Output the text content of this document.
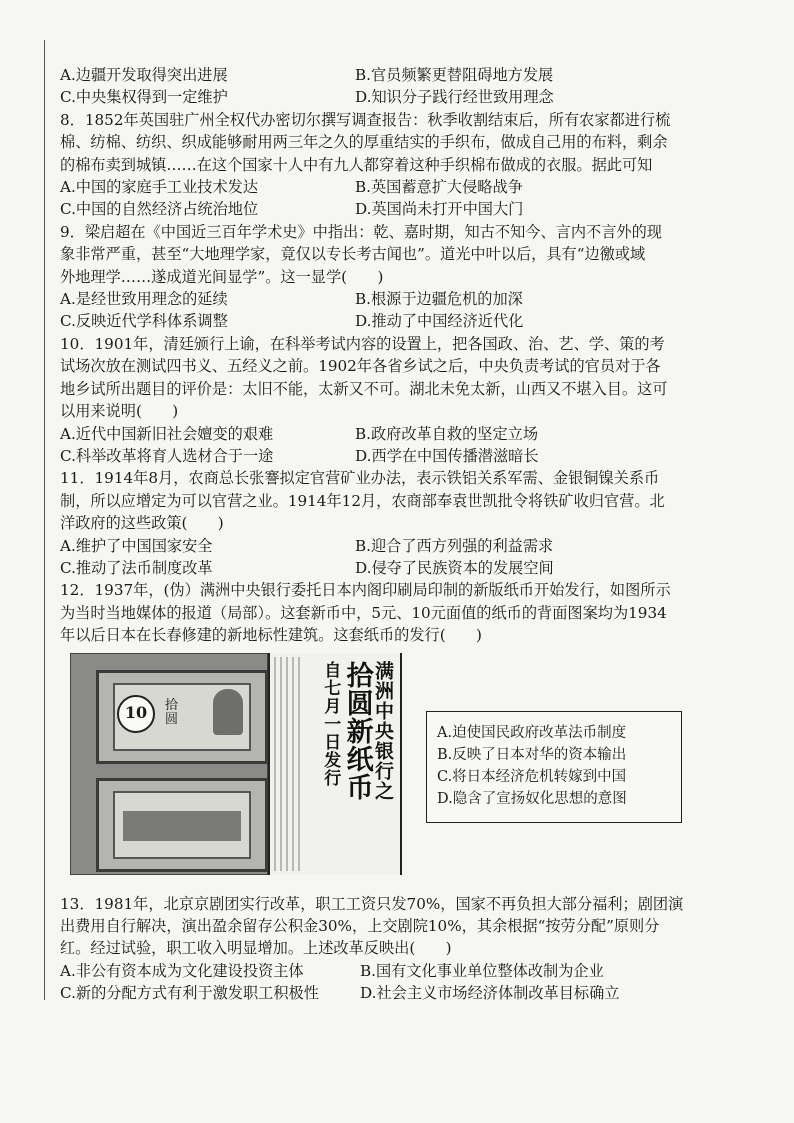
A.边疆开发取得突出进展	B.官员频繁更替阻碍地方发展
C.中央集权得到一定维护	D.知识分子践行经世致用理念
8．1852年英国驻广州全权代办密切尔撰写调查报告：秋季收割结束后，所有农家都进行梳
棉、纺棉、纺织、织成能够耐用两三年之久的厚重结实的手织布，做成自己用的布料，剩余
的棉布卖到城镇……在这个国家十人中有九人都穿着这种手织棉布做成的衣服。据此可知
A.中国的家庭手工业技术发达	B.英国蓄意扩大侵略战争
C.中国的自然经济占统治地位	D.英国尚未打开中国大门
9．梁启超在《中国近三百年学术史》中指出：乾、嘉时期，知古不知今、言内不言外的现
象非常严重，甚至“大地理学家，竟仅以专长考古闻也”。道光中叶以后，具有“边徼或域
外地理学……遂成道光间显学”。这一显学(　　)
A.是经世致用理念的延续	B.根源于边疆危机的加深
C.反映近代学科体系调整	D.推动了中国经济近代化
10．1901年，清廷颁行上谕，在科举考试内容的设置上，把各国政、治、艺、学、策的考
试场次放在测试四书义、五经义之前。1902年各省乡试之后，中央负责考试的官员对于各
地乡试所出题目的评价是：太旧不能，太新又不可。湖北未免太新，山西又不堪入目。这可
以用来说明(　　)
A.近代中国新旧社会嬗变的艰难	B.政府改革自救的坚定立场
C.科举改革将育人选材合于一途	D.西学在中国传播潜滋暗长
11．1914年8月，农商总长张謇拟定官营矿业办法，表示铁铝关系军需、金银铜镍关系币
制，所以应增定为可以官营之业。1914年12月，农商部奉袁世凯批令将铁矿收归官营。北
洋政府的这些政策(　　)
A.维护了中国国家安全	B.迎合了西方列强的利益需求
C.推动了法币制度改革	D.侵夺了民族资本的发展空间
12．1937年，(伪）满洲中央银行委托日本内阁印刷局印制的新版纸币开始发行，如图所示
为当时当地媒体的报道（局部）。这套新币中，5元、10元面值的纸币的背面图案均为1934
年以后日本在长春修建的新地标性建筑。这套纸币的发行(　　)
10	拾圆	满洲中央银行之
拾圆新纸币
自七月一日发行	A.迫使国民政府改革法币制度
B.反映了日本对华的资本输出
C.将日本经济危机转嫁到中国
D.隐含了宣扬奴化思想的意图
13．1981年，北京京剧团实行改革，职工工资只发70%，国家不再负担大部分福利；剧团演
出费用自行解决，演出盈余留存公积金30%，上交剧院10%，其余根据“按劳分配”原则分
红。经过试验，职工收入明显增加。上述改革反映出(　　)
A.非公有资本成为文化建设投资主体	B.国有文化事业单位整体改制为企业
C.新的分配方式有利于激发职工积极性	D.社会主义市场经济体制改革目标确立
